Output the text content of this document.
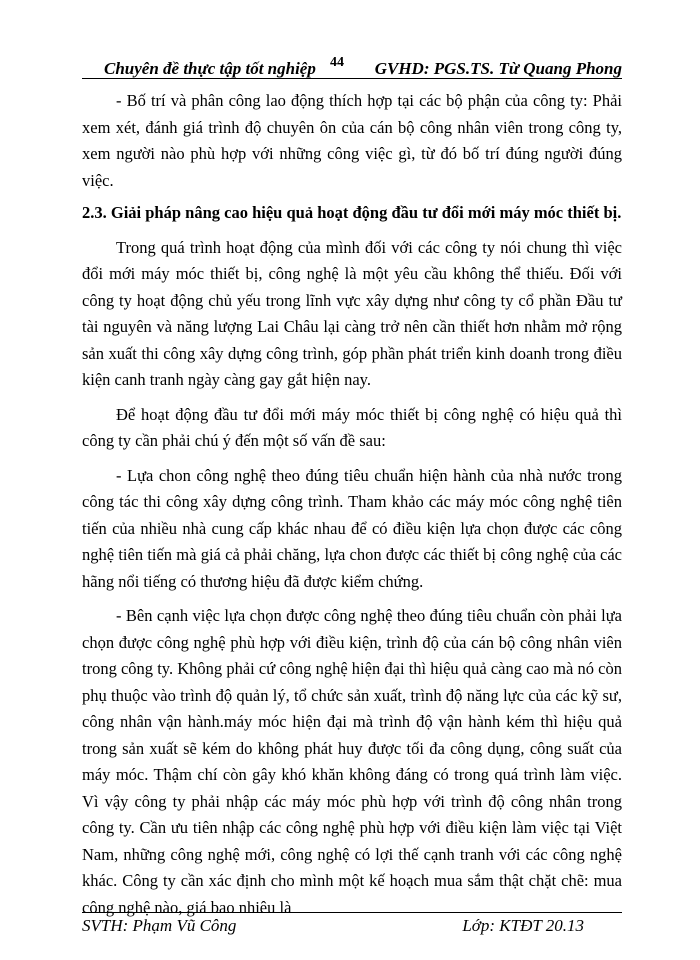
Chuyên đề thực tập tốt nghiệp 44 GVHD: PGS.TS. Từ Quang Phong

- Bố trí và phân công lao động thích hợp tại các bộ phận của công ty: Phải xem xét, đánh giá trình độ chuyên ôn của cán bộ công nhân viên trong công ty, xem người nào phù hợp với những công việc gì, từ đó bố trí đúng người đúng việc.

2.3. Giải pháp nâng cao hiệu quả hoạt động đầu tư đổi mới máy móc thiết bị.

Trong quá trình hoạt động của mình đối với các công ty nói chung thì việc đổi mới máy móc thiết bị, công nghệ là một yêu cầu không thể thiếu. Đối với công ty hoạt động chủ yếu trong lĩnh vực xây dựng như công ty cổ phần Đầu tư tài nguyên và năng lượng Lai Châu lại càng trở nên cần thiết hơn nhằm mở rộng sản xuất thi công xây dựng công trình, góp phần phát triển kinh doanh trong điều kiện canh tranh ngày càng gay gắt hiện nay.

Để hoạt động đầu tư đổi mới máy móc thiết bị công nghệ có hiệu quả thì công ty cần phải chú ý đến một số vấn đề sau:

- Lựa chon công nghệ theo đúng tiêu chuẩn hiện hành của nhà nước trong công tác thi công xây dựng công trình. Tham khảo các máy móc công nghệ tiên tiến của nhiều nhà cung cấp khác nhau để có điều kiện lựa chọn được các công nghệ tiên tiến mà giá cả phải chăng, lựa chon được các thiết bị công nghệ của các hãng nổi tiếng có thương hiệu đã được kiểm chứng.

- Bên cạnh việc lựa chọn được công nghệ theo đúng tiêu chuẩn còn phải lựa chọn được công nghệ phù hợp với điều kiện, trình độ của cán bộ công nhân viên trong công ty. Không phải cứ công nghệ hiện đại thì hiệu quả càng cao mà nó còn phụ thuộc vào trình độ quản lý, tổ chức sản xuất, trình độ năng lực của các kỹ sư, công nhân vận hành.máy móc hiện đại mà trình độ vận hành kém thì hiệu quả trong sản xuất sẽ kém do không phát huy được tối đa công dụng, công suất của máy móc. Thậm chí còn gây khó khăn không đáng có trong quá trình làm việc. Vì vậy công ty phải nhập các máy móc phù hợp với trình độ công nhân trong công ty. Cần ưu tiên nhập các công nghệ phù hợp với điều kiện làm việc tại Việt Nam, những công nghệ mới, công nghệ có lợi thế cạnh tranh với các công nghệ khác. Công ty cần xác định cho mình một kế hoạch mua sắm thật chặt chẽ: mua công nghệ nào, giá bao nhiêu là

SVTH: Phạm Vũ Công	Lớp: KTĐT 20.13
